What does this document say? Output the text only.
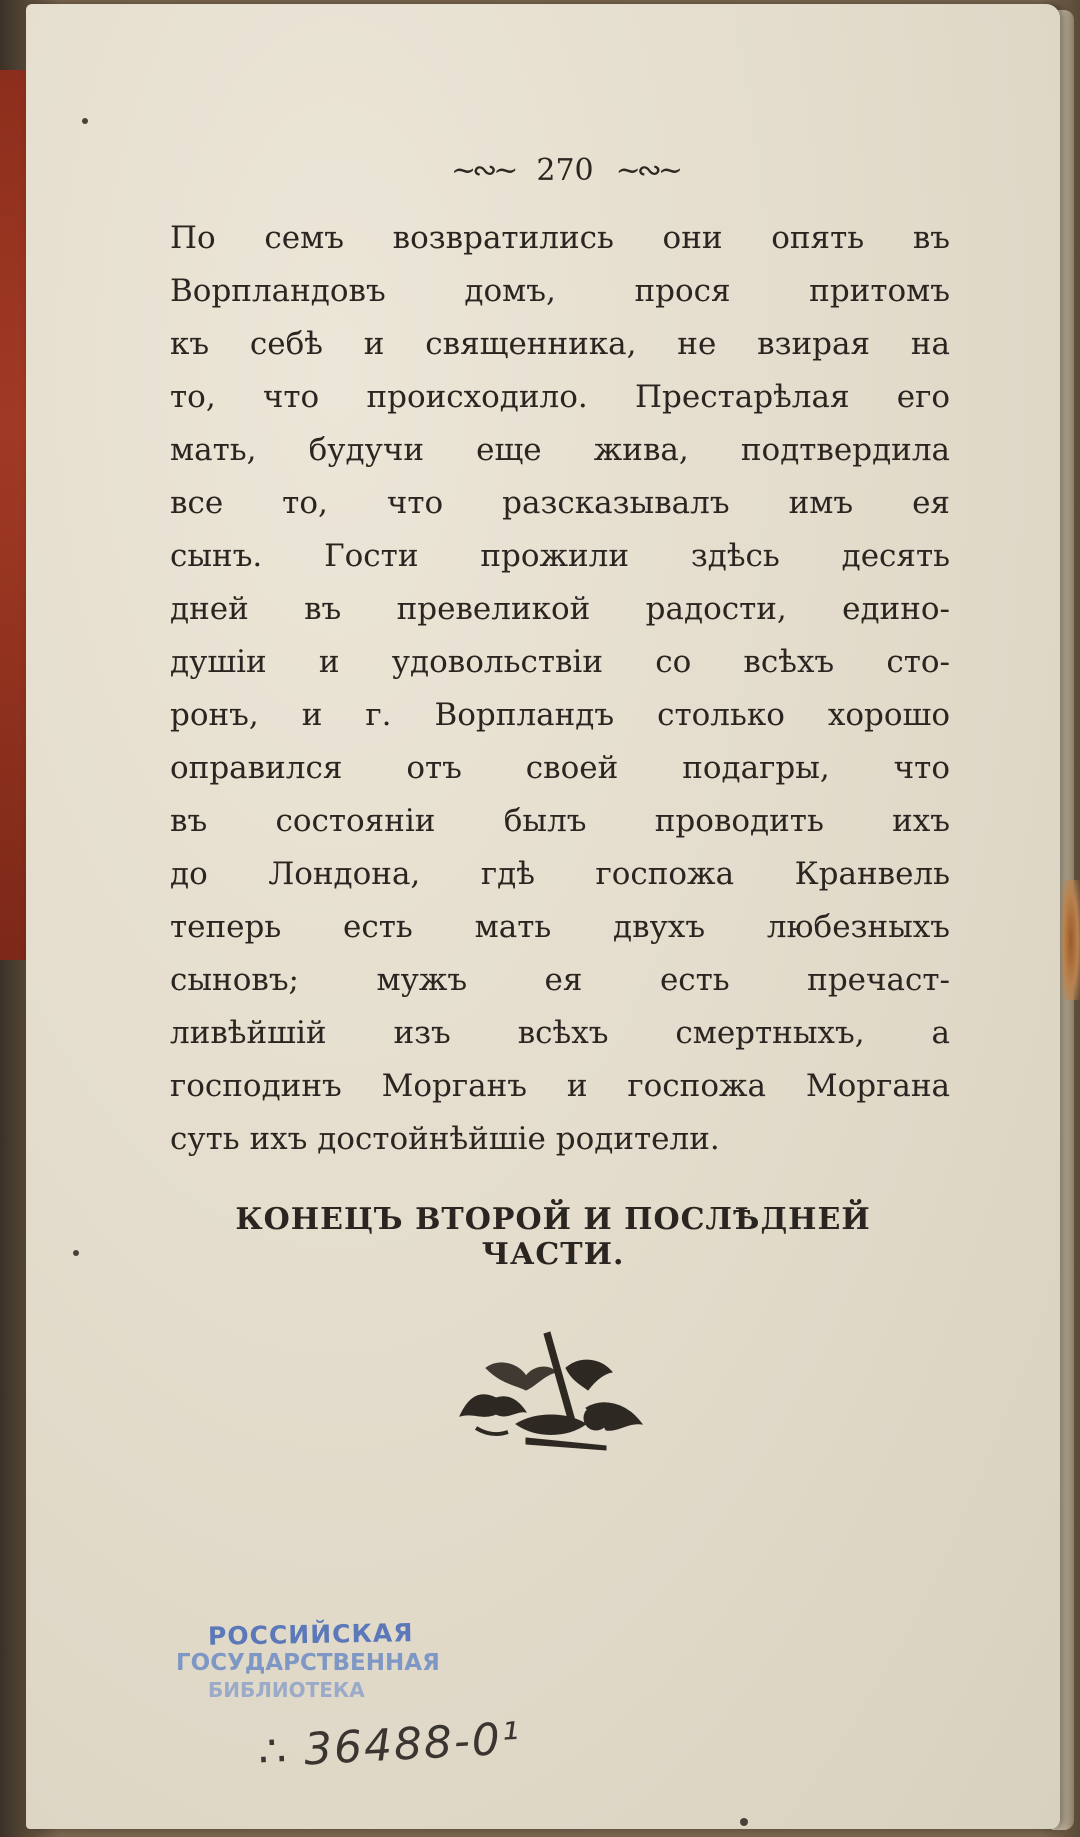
~∾~ 270 ~∾~
По семъ возвратились они опять въ
Ворпландовъ домъ, прося притомъ
къ себѣ и священника, не взирая на
то, что происходило. Престарѣлая его
мать, будучи еще жива, подтвердила
все то, что разсказывалъ имъ ея
сынъ. Гости прожили здѣсь десять
дней въ превеликой радости, едино-
душіи и удовольствіи со всѣхъ сто-
ронъ, и г. Ворпландъ столько хорошо
оправился отъ своей подагры, что
въ состояніи былъ проводить ихъ
до Лондона, гдѣ госпожа Кранвель
теперь есть мать двухъ любезныхъ
сыновъ; мужъ ея есть пречаст-
ливѣйшій изъ всѣхъ смертныхъ, а
господинъ Морганъ и госпожа Моргана
суть ихъ достойнѣйшіе родители.
КОНЕЦЪ ВТОРОЙ И ПОСЛѢДНЕЙ ЧАСТИ.
РОССИЙСКАЯ
ГОСУДАРСТВЕННАЯ
БИБЛИОТЕКА
∴ 36488-0¹
